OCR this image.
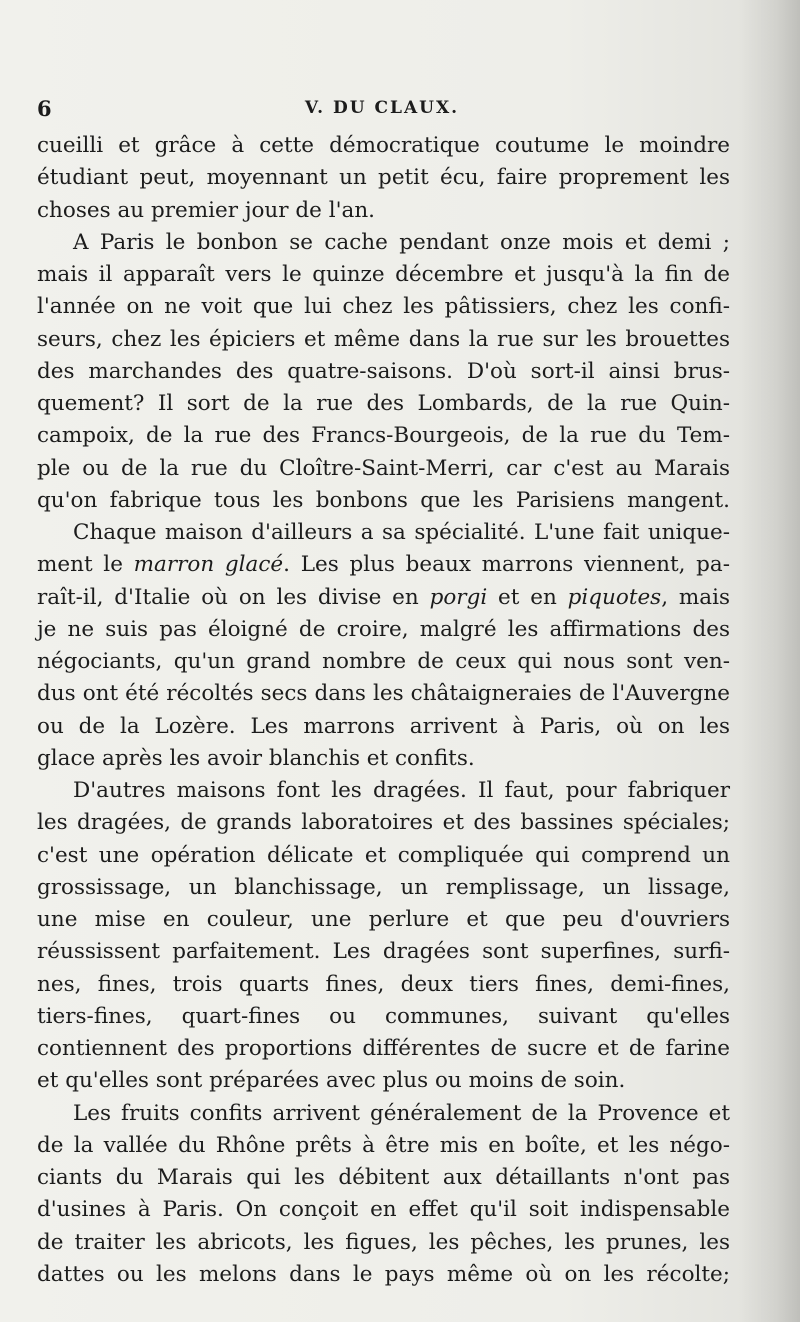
6	V. DU CLAUX.
cueilli et grâce à cette démocratique coutume le moindre
étudiant peut, moyennant un petit écu, faire proprement les
choses au premier jour de l'an.
A Paris le bonbon se cache pendant onze mois et demi ;
mais il apparaît vers le quinze décembre et jusqu'à la fin de
l'année on ne voit que lui chez les pâtissiers, chez les confi-
seurs, chez les épiciers et même dans la rue sur les brouettes
des marchandes des quatre-saisons. D'où sort-il ainsi brus-
quement? Il sort de la rue des Lombards, de la rue Quin-
campoix, de la rue des Francs-Bourgeois, de la rue du Tem-
ple ou de la rue du Cloître-Saint-Merri, car c'est au Marais
qu'on fabrique tous les bonbons que les Parisiens mangent.
Chaque maison d'ailleurs a sa spécialité. L'une fait unique-
ment le marron glacé. Les plus beaux marrons viennent, pa-
raît-il, d'Italie où on les divise en porgi et en piquotes, mais
je ne suis pas éloigné de croire, malgré les affirmations des
négociants, qu'un grand nombre de ceux qui nous sont ven-
dus ont été récoltés secs dans les châtaigneraies de l'Auvergne
ou de la Lozère. Les marrons arrivent à Paris, où on les
glace après les avoir blanchis et confits.
D'autres maisons font les dragées. Il faut, pour fabriquer
les dragées, de grands laboratoires et des bassines spéciales;
c'est une opération délicate et compliquée qui comprend un
grossissage, un blanchissage, un remplissage, un lissage,
une mise en couleur, une perlure et que peu d'ouvriers
réussissent parfaitement. Les dragées sont superfines, surfi-
nes, fines, trois quarts fines, deux tiers fines, demi-fines,
tiers-fines, quart-fines ou communes, suivant qu'elles
contiennent des proportions différentes de sucre et de farine
et qu'elles sont préparées avec plus ou moins de soin.
Les fruits confits arrivent généralement de la Provence et
de la vallée du Rhône prêts à être mis en boîte, et les négo-
ciants du Marais qui les débitent aux détaillants n'ont pas
d'usines à Paris. On conçoit en effet qu'il soit indispensable
de traiter les abricots, les figues, les pêches, les prunes, les
dattes ou les melons dans le pays même où on les récolte;
